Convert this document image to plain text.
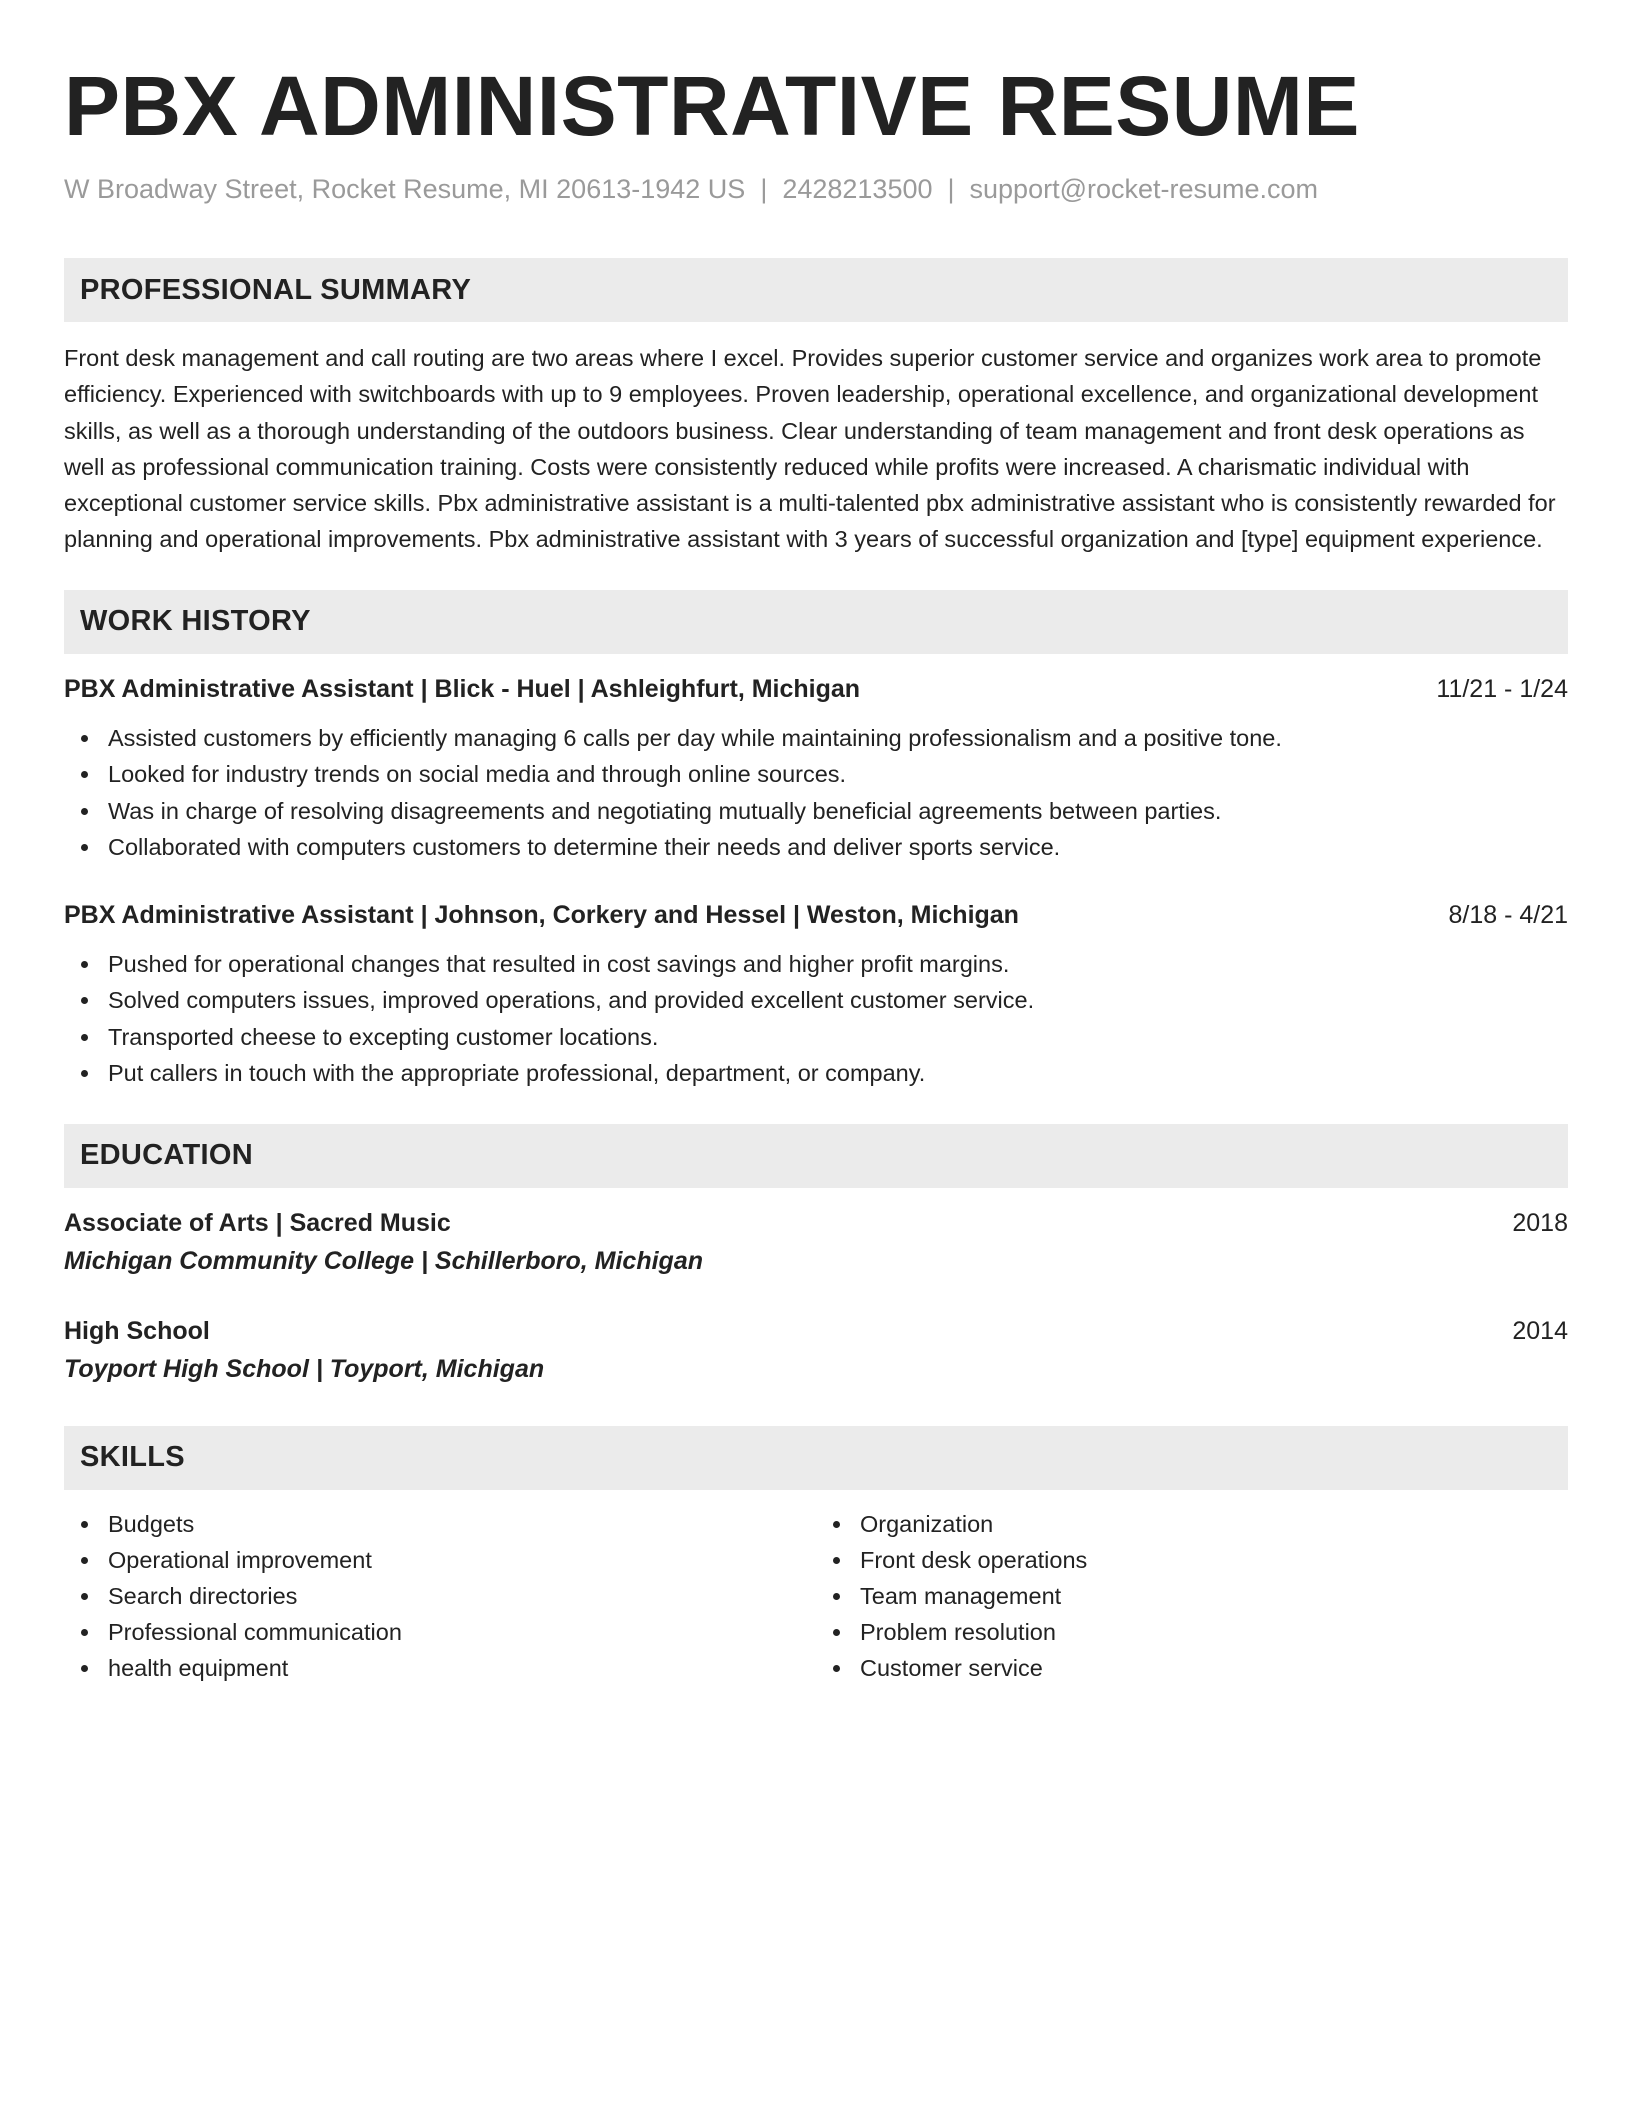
PBX ADMINISTRATIVE RESUME
W Broadway Street, Rocket Resume, MI 20613-1942 US | 2428213500 | support@rocket-resume.com
PROFESSIONAL SUMMARY
Front desk management and call routing are two areas where I excel. Provides superior customer service and organizes work area to promote efficiency. Experienced with switchboards with up to 9 employees. Proven leadership, operational excellence, and organizational development skills, as well as a thorough understanding of the outdoors business. Clear understanding of team management and front desk operations as well as professional communication training. Costs were consistently reduced while profits were increased. A charismatic individual with exceptional customer service skills. Pbx administrative assistant is a multi-talented pbx administrative assistant who is consistently rewarded for planning and operational improvements. Pbx administrative assistant with 3 years of successful organization and [type] equipment experience.
WORK HISTORY
PBX Administrative Assistant | Blick - Huel | Ashleighfurt, Michigan	11/21 - 1/24
Assisted customers by efficiently managing 6 calls per day while maintaining professionalism and a positive tone.
Looked for industry trends on social media and through online sources.
Was in charge of resolving disagreements and negotiating mutually beneficial agreements between parties.
Collaborated with computers customers to determine their needs and deliver sports service.
PBX Administrative Assistant | Johnson, Corkery and Hessel | Weston, Michigan	8/18 - 4/21
Pushed for operational changes that resulted in cost savings and higher profit margins.
Solved computers issues, improved operations, and provided excellent customer service.
Transported cheese to excepting customer locations.
Put callers in touch with the appropriate professional, department, or company.
EDUCATION
Associate of Arts | Sacred Music	2018
Michigan Community College | Schillerboro, Michigan
High School	2014
Toyport High School | Toyport, Michigan
SKILLS
Budgets
Operational improvement
Search directories
Professional communication
health equipment
Organization
Front desk operations
Team management
Problem resolution
Customer service
